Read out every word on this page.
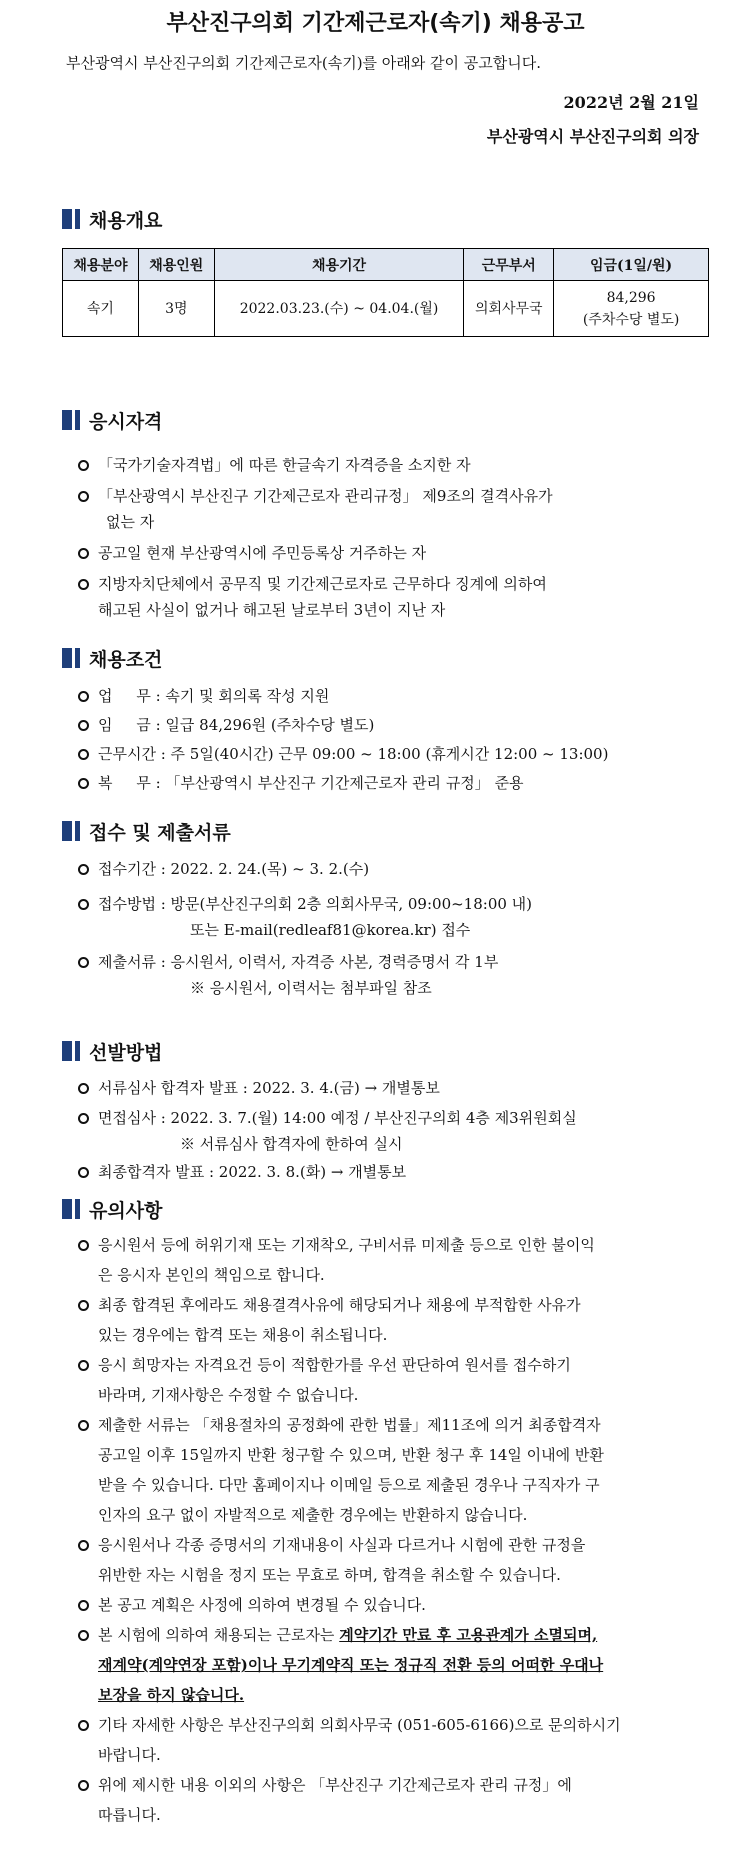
부산진구의회 기간제근로자(속기) 채용공고
부산광역시 부산진구의회 기간제근로자(속기)를 아래와 같이 공고합니다.
2022년 2월 21일
부산광역시 부산진구의회 의장
채용개요
채용분야	채용인원	채용기간	근무부서	임금(1일/원)
속기	3명	2022.03.23.(수) ~ 04.04.(월)	의회사무국	84,296
(주차수당 별도)
응시자격
「국가기술자격법」에 따른 한글속기 자격증을 소지한 자
「부산광역시 부산진구 기간제근로자 관리규정」 제9조의 결격사유가
없는 자
공고일 현재 부산광역시에 주민등록상 거주하는 자
지방자치단체에서 공무직 및 기간제근로자로 근무하다 징계에 의하여
해고된 사실이 없거나 해고된 날로부터 3년이 지난 자
채용조건
업     무 : 속기 및 회의록 작성 지원
임     금 : 일급 84,296원 (주차수당 별도)
근무시간 : 주 5일(40시간) 근무 09:00 ~ 18:00 (휴게시간 12:00 ~ 13:00)
복     무 : 「부산광역시 부산진구 기간제근로자 관리 규정」 준용
접수 및 제출서류
접수기간 : 2022. 2. 24.(목) ~ 3. 2.(수)
접수방법 : 방문(부산진구의회 2층 의회사무국, 09:00~18:00 내)
또는 E-mail(redleaf81@korea.kr) 접수
제출서류 : 응시원서, 이력서, 자격증 사본, 경력증명서 각 1부
※ 응시원서, 이력서는 첨부파일 참조
선발방법
서류심사 합격자 발표 : 2022. 3. 4.(금) → 개별통보
면접심사 : 2022. 3. 7.(월) 14:00 예정 / 부산진구의회 4층 제3위원회실
※ 서류심사 합격자에 한하여 실시
최종합격자 발표 : 2022. 3. 8.(화) → 개별통보
유의사항
응시원서 등에 허위기재 또는 기재착오, 구비서류 미제출 등으로 인한 불이익
은 응시자 본인의 책임으로 합니다.
최종 합격된 후에라도 채용결격사유에 해당되거나 채용에 부적합한 사유가
있는 경우에는 합격 또는 채용이 취소됩니다.
응시 희망자는 자격요건 등이 적합한가를 우선 판단하여 원서를 접수하기
바라며, 기재사항은 수정할 수 없습니다.
제출한 서류는 「채용절차의 공정화에 관한 법률」제11조에 의거 최종합격자
공고일 이후 15일까지 반환 청구할 수 있으며, 반환 청구 후 14일 이내에 반환
받을 수 있습니다. 다만 홈페이지나 이메일 등으로 제출된 경우나 구직자가 구
인자의 요구 없이 자발적으로 제출한 경우에는 반환하지 않습니다.
응시원서나 각종 증명서의 기재내용이 사실과 다르거나 시험에 관한 규정을
위반한 자는 시험을 정지 또는 무효로 하며, 합격을 취소할 수 있습니다.
본 공고 계획은 사정에 의하여 변경될 수 있습니다.
본 시험에 의하여 채용되는 근로자는 계약기간 만료 후 고용관계가 소멸되며,
재계약(계약연장 포함)이나 무기계약직 또는 정규직 전환 등의 어떠한 우대나
보장을 하지 않습니다.
기타 자세한 사항은 부산진구의회 의회사무국 (051-605-6166)으로 문의하시기
바랍니다.
위에 제시한 내용 이외의 사항은 「부산진구 기간제근로자 관리 규정」에
따릅니다.
